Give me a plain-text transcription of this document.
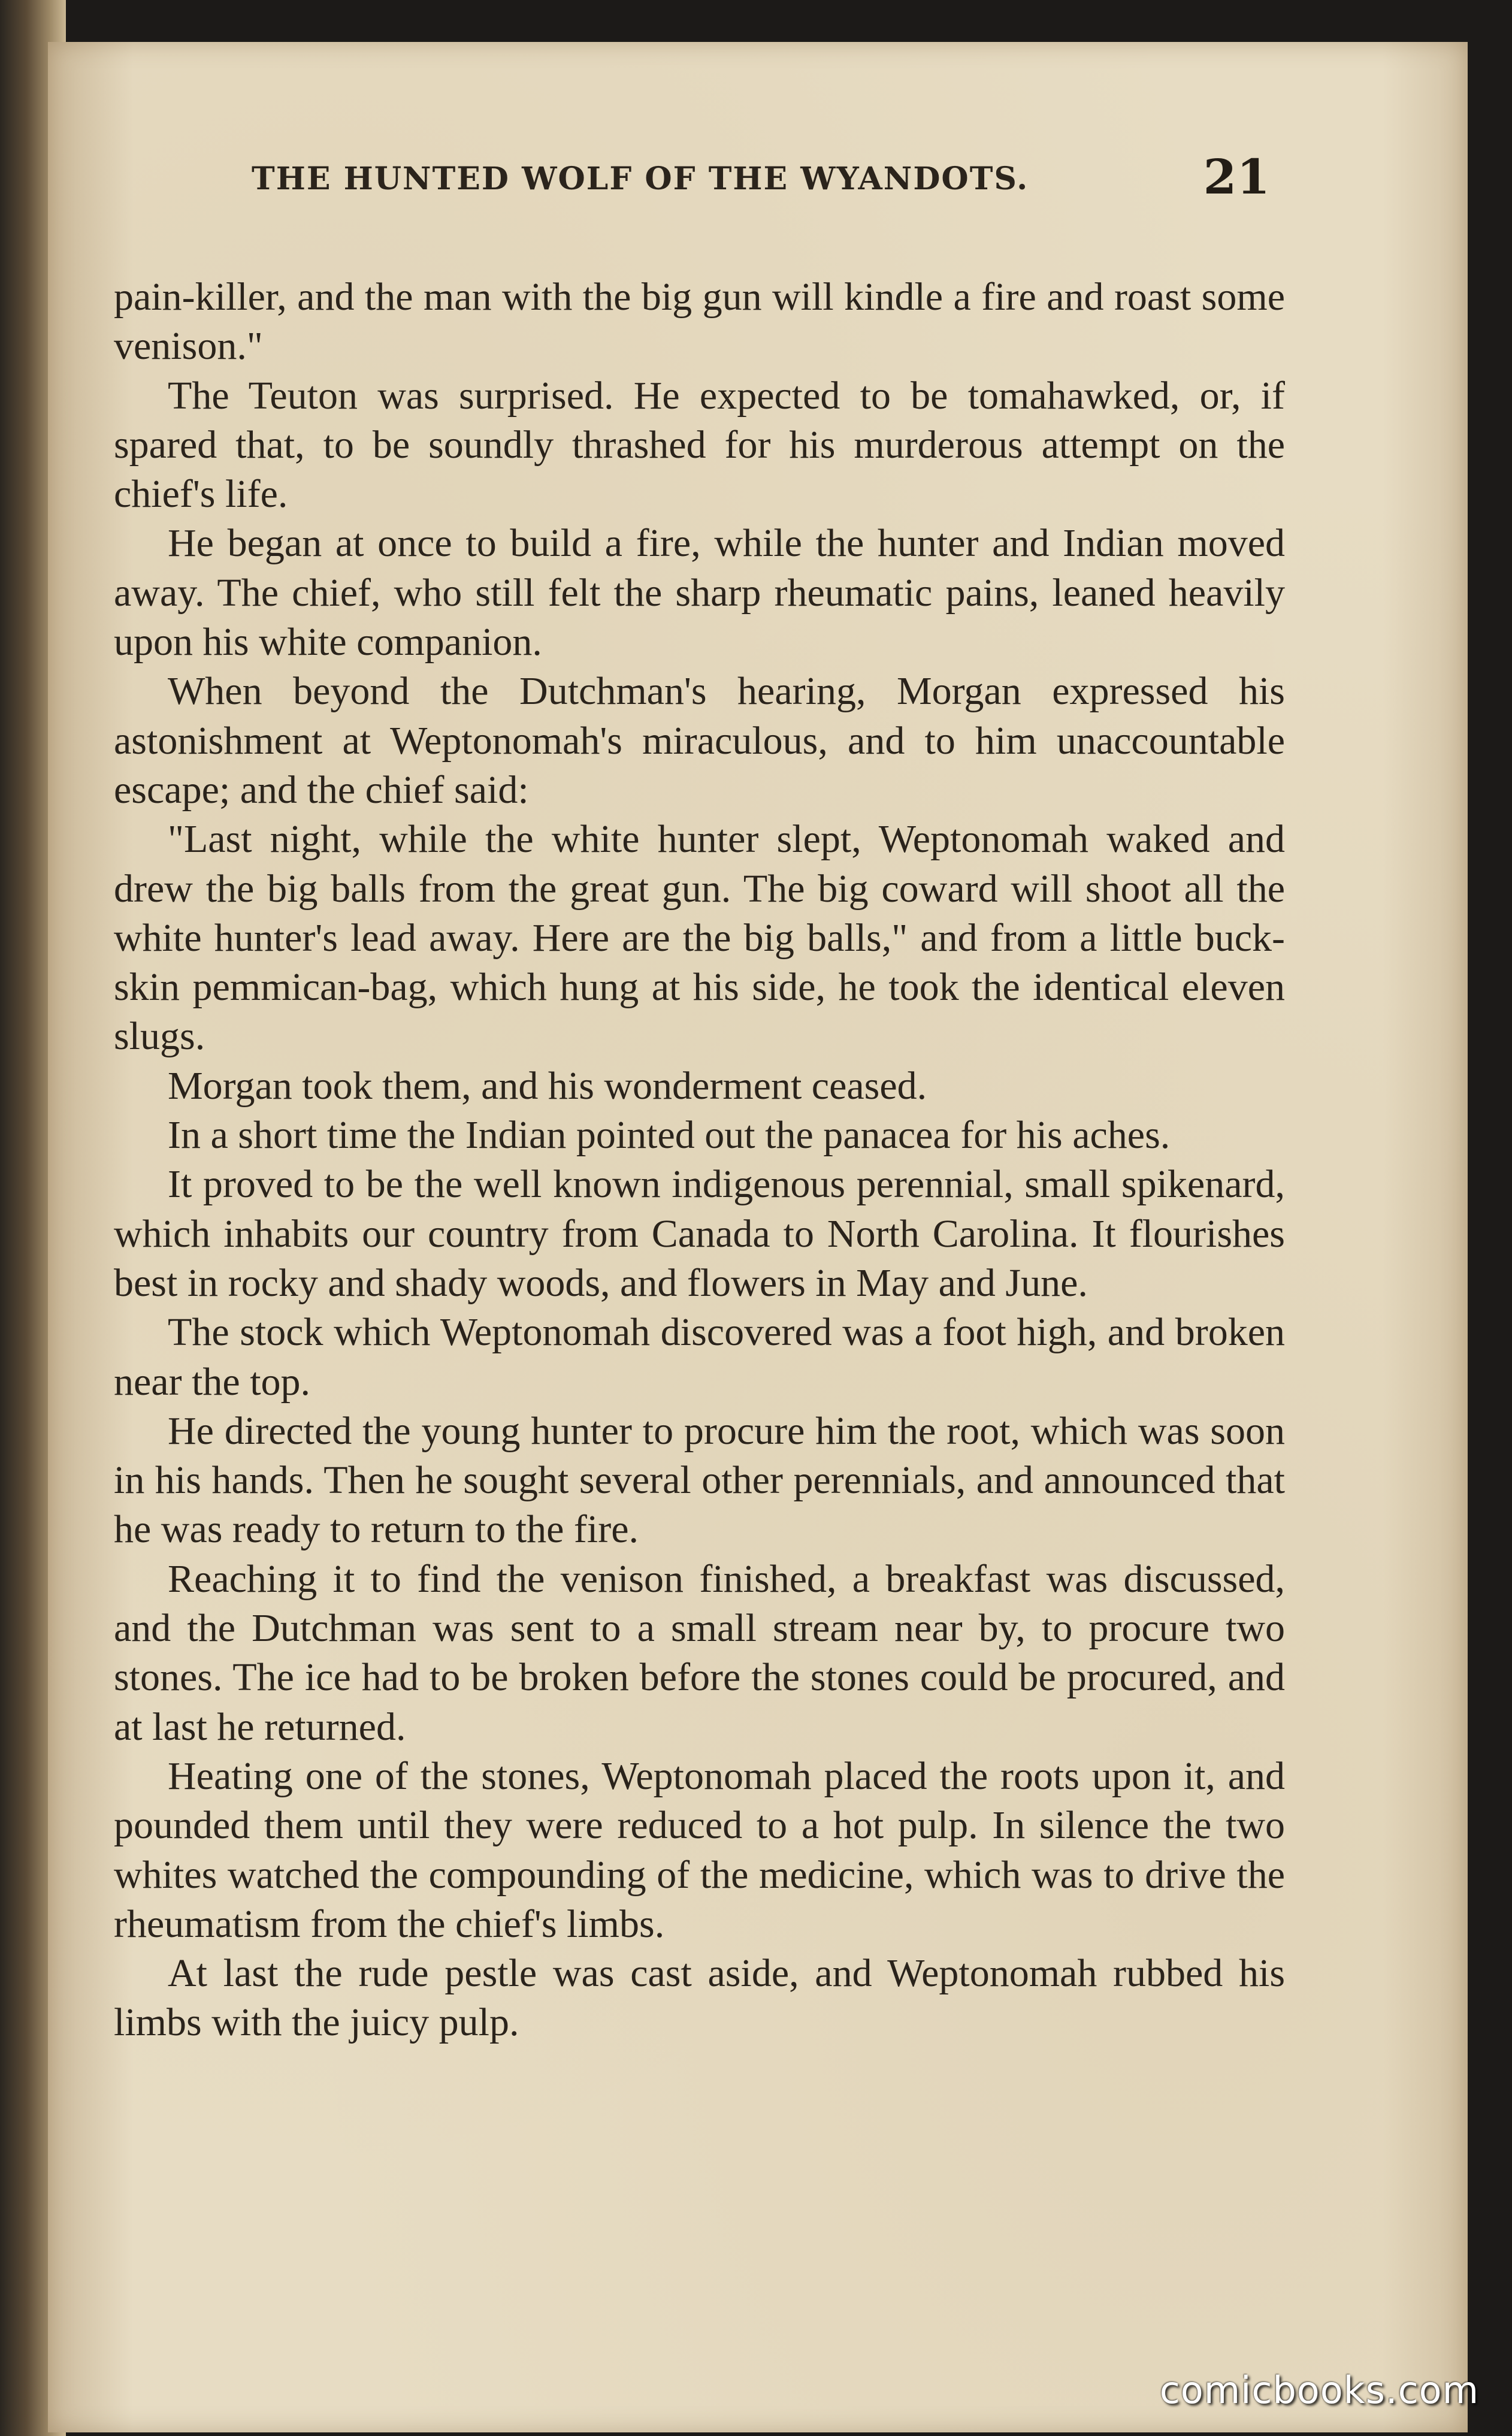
THE HUNTED WOLF OF THE WYANDOTS.	21

pain-killer, and the man with the big gun will kindle a fire and roast some venison."

The Teuton was surprised. He expected to be tomahawked, or, if spared that, to be soundly thrashed for his murderous attempt on the chief's life.

He began at once to build a fire, while the hunter and Indian moved away. The chief, who still felt the sharp rheumatic pains, leaned heavily upon his white companion.

When beyond the Dutchman's hearing, Morgan expressed his astonishment at Weptonomah's miraculous, and to him unaccountable escape; and the chief said:

"Last night, while the white hunter slept, Weptonomah waked and drew the big balls from the great gun. The big coward will shoot all the white hunter's lead away. Here are the big balls," and from a little buck-skin pemmican-bag, which hung at his side, he took the identical eleven slugs.

Morgan took them, and his wonderment ceased.

In a short time the Indian pointed out the panacea for his aches.

It proved to be the well known indigenous perennial, small spikenard, which inhabits our country from Canada to North Carolina. It flourishes best in rocky and shady woods, and flowers in May and June.

The stock which Weptonomah discovered was a foot high, and broken near the top.

He directed the young hunter to procure him the root, which was soon in his hands. Then he sought several other perennials, and announced that he was ready to return to the fire.

Reaching it to find the venison finished, a breakfast was discussed, and the Dutchman was sent to a small stream near by, to procure two stones. The ice had to be broken before the stones could be procured, and at last he returned.

Heating one of the stones, Weptonomah placed the roots upon it, and pounded them until they were reduced to a hot pulp. In silence the two whites watched the compounding of the medicine, which was to drive the rheumatism from the chief's limbs.

At last the rude pestle was cast aside, and Weptonomah rubbed his limbs with the juicy pulp.

comicbooks.com
